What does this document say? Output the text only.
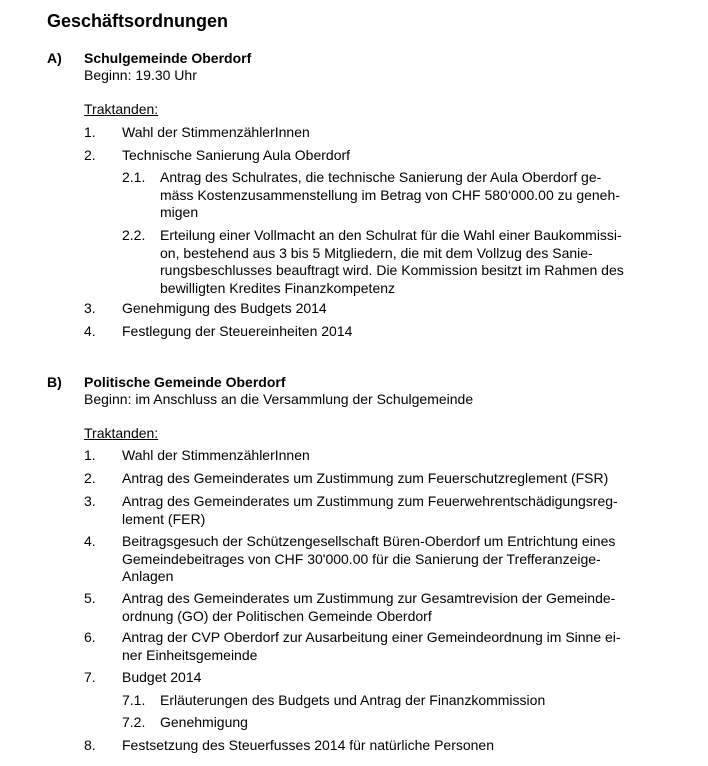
Geschäftsordnungen
A) Schulgemeinde Oberdorf
Beginn: 19.30 Uhr
Traktanden:
1. Wahl der StimmenzählerInnen
2. Technische Sanierung Aula Oberdorf
2.1. Antrag des Schulrates, die technische Sanierung der Aula Oberdorf ge-
mäss Kostenzusammenstellung im Betrag von CHF 580‘000.00 zu geneh-
migen
2.2. Erteilung einer Vollmacht an den Schulrat für die Wahl einer Baukommissi-
on, bestehend aus 3 bis 5 Mitgliedern, die mit dem Vollzug des Sanie-
rungsbeschlusses beauftragt wird. Die Kommission besitzt im Rahmen des
bewilligten Kredites Finanzkompetenz
3. Genehmigung des Budgets 2014
4. Festlegung der Steuereinheiten 2014
B) Politische Gemeinde Oberdorf
Beginn: im Anschluss an die Versammlung der Schulgemeinde
Traktanden:
1. Wahl der StimmenzählerInnen
2. Antrag des Gemeinderates um Zustimmung zum Feuerschutzreglement (FSR)
3. Antrag des Gemeinderates um Zustimmung zum Feuerwehrentschädigungsreg-
lement (FER)
4. Beitragsgesuch der Schützengesellschaft Büren-Oberdorf um Entrichtung eines
Gemeindebeitrages von CHF 30'000.00 für die Sanierung der Trefferanzeige-
Anlagen
5. Antrag des Gemeinderates um Zustimmung zur Gesamtrevision der Gemeinde-
ordnung (GO) der Politischen Gemeinde Oberdorf
6. Antrag der CVP Oberdorf zur Ausarbeitung einer Gemeindeordnung im Sinne ei-
ner Einheitsgemeinde
7. Budget 2014
7.1. Erläuterungen des Budgets und Antrag der Finanzkommission
7.2. Genehmigung
8. Festsetzung des Steuerfusses 2014 für natürliche Personen
